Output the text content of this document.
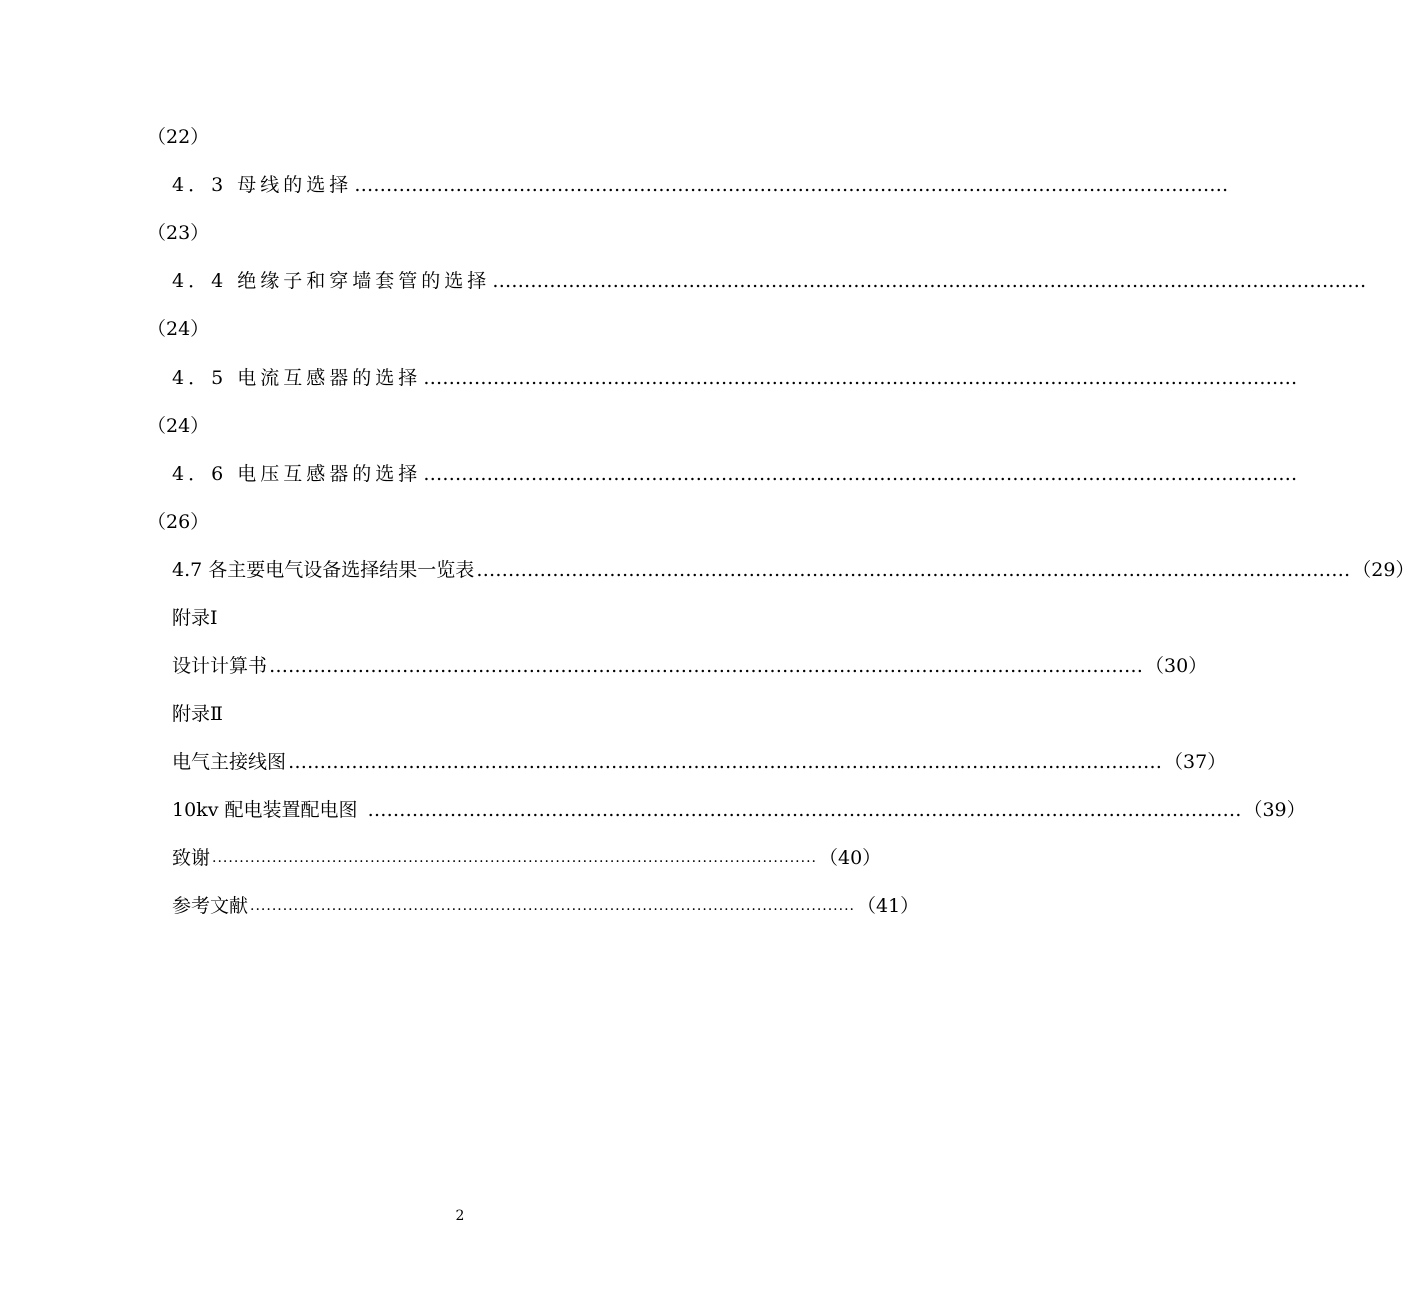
（22）
4．3 母线的选择 …………………………………………………………………………………………………………………………
（23）
4．4 绝缘子和穿墙套管的选择 …………………………………………………………………………………………………………………………
（24）
4．5 电流互感器的选择 …………………………………………………………………………………………………………………………
（24）
4．6 电压互感器的选择 …………………………………………………………………………………………………………………………
（26）
4.7 各主要电气设备选择结果一览表 ………………………………………………………………………………………………………………………… （29）
附录Ⅰ
设计计算书 ………………………………………………………………………………………………………………………… （30）
附录Ⅱ
电气主接线图 ………………………………………………………………………………………………………………………… （37）
10kv 配电装置配电图 ………………………………………………………………………………………………………………………… （39）
致谢 ............................................................................................................... （40）
参考文献 ............................................................................................................... （41）
2
